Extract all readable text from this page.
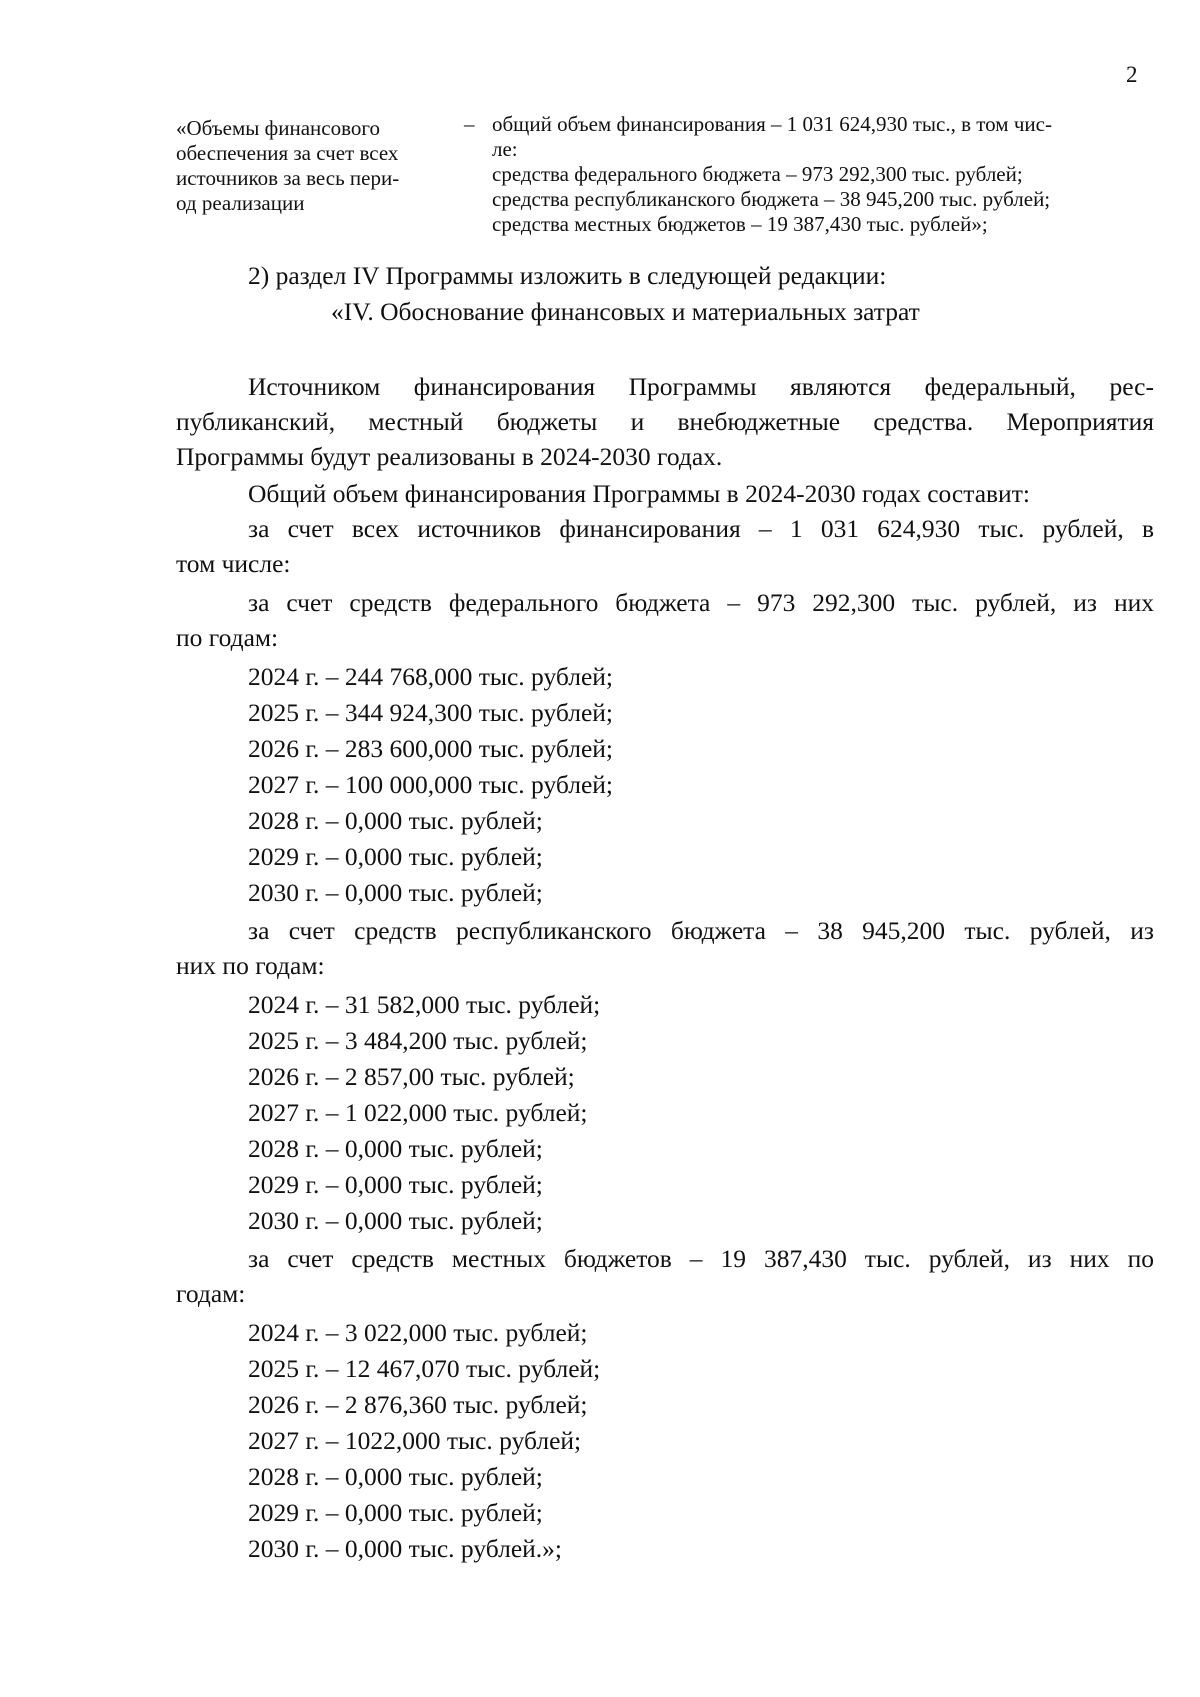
2
«Объемы финансового
обеспечения за счет всех
источников за весь пери-
од реализации
– общий объем финансирования – 1 031 624,930 тыс., в том чис-
ле:
средства федерального бюджета – 973 292,300 тыс. рублей;
средства республиканского бюджета – 38 945,200 тыс. рублей;
средства местных бюджетов – 19 387,430 тыс. рублей»;
2) раздел IV Программы изложить в следующей редакции:
«IV. Обоснование финансовых и материальных затрат
Источником финансирования Программы являются федеральный, рес-
публиканский, местный бюджеты и внебюджетные средства. Мероприятия
Программы будут реализованы в 2024-2030 годах.
Общий объем финансирования Программы в 2024-2030 годах составит:
за счет всех источников финансирования – 1 031 624,930 тыс. рублей, в
том числе:
за счет средств федерального бюджета – 973 292,300 тыс. рублей, из них
по годам:
2024 г. – 244 768,000 тыс. рублей;
2025 г. – 344 924,300 тыс. рублей;
2026 г. – 283 600,000 тыс. рублей;
2027 г. – 100 000,000 тыс. рублей;
2028 г. – 0,000 тыс. рублей;
2029 г. – 0,000 тыс. рублей;
2030 г. – 0,000 тыс. рублей;
за счет средств республиканского бюджета – 38 945,200 тыс. рублей, из
них по годам:
2024 г. – 31 582,000 тыс. рублей;
2025 г. – 3 484,200 тыс. рублей;
2026 г. – 2 857,00 тыс. рублей;
2027 г. – 1 022,000 тыс. рублей;
2028 г. – 0,000 тыс. рублей;
2029 г. – 0,000 тыс. рублей;
2030 г. – 0,000 тыс. рублей;
за счет средств местных бюджетов – 19 387,430 тыс. рублей, из них по
годам:
2024 г. – 3 022,000 тыс. рублей;
2025 г. – 12 467,070 тыс. рублей;
2026 г. – 2 876,360 тыс. рублей;
2027 г. – 1022,000 тыс. рублей;
2028 г. – 0,000 тыс. рублей;
2029 г. – 0,000 тыс. рублей;
2030 г. – 0,000 тыс. рублей.»;
